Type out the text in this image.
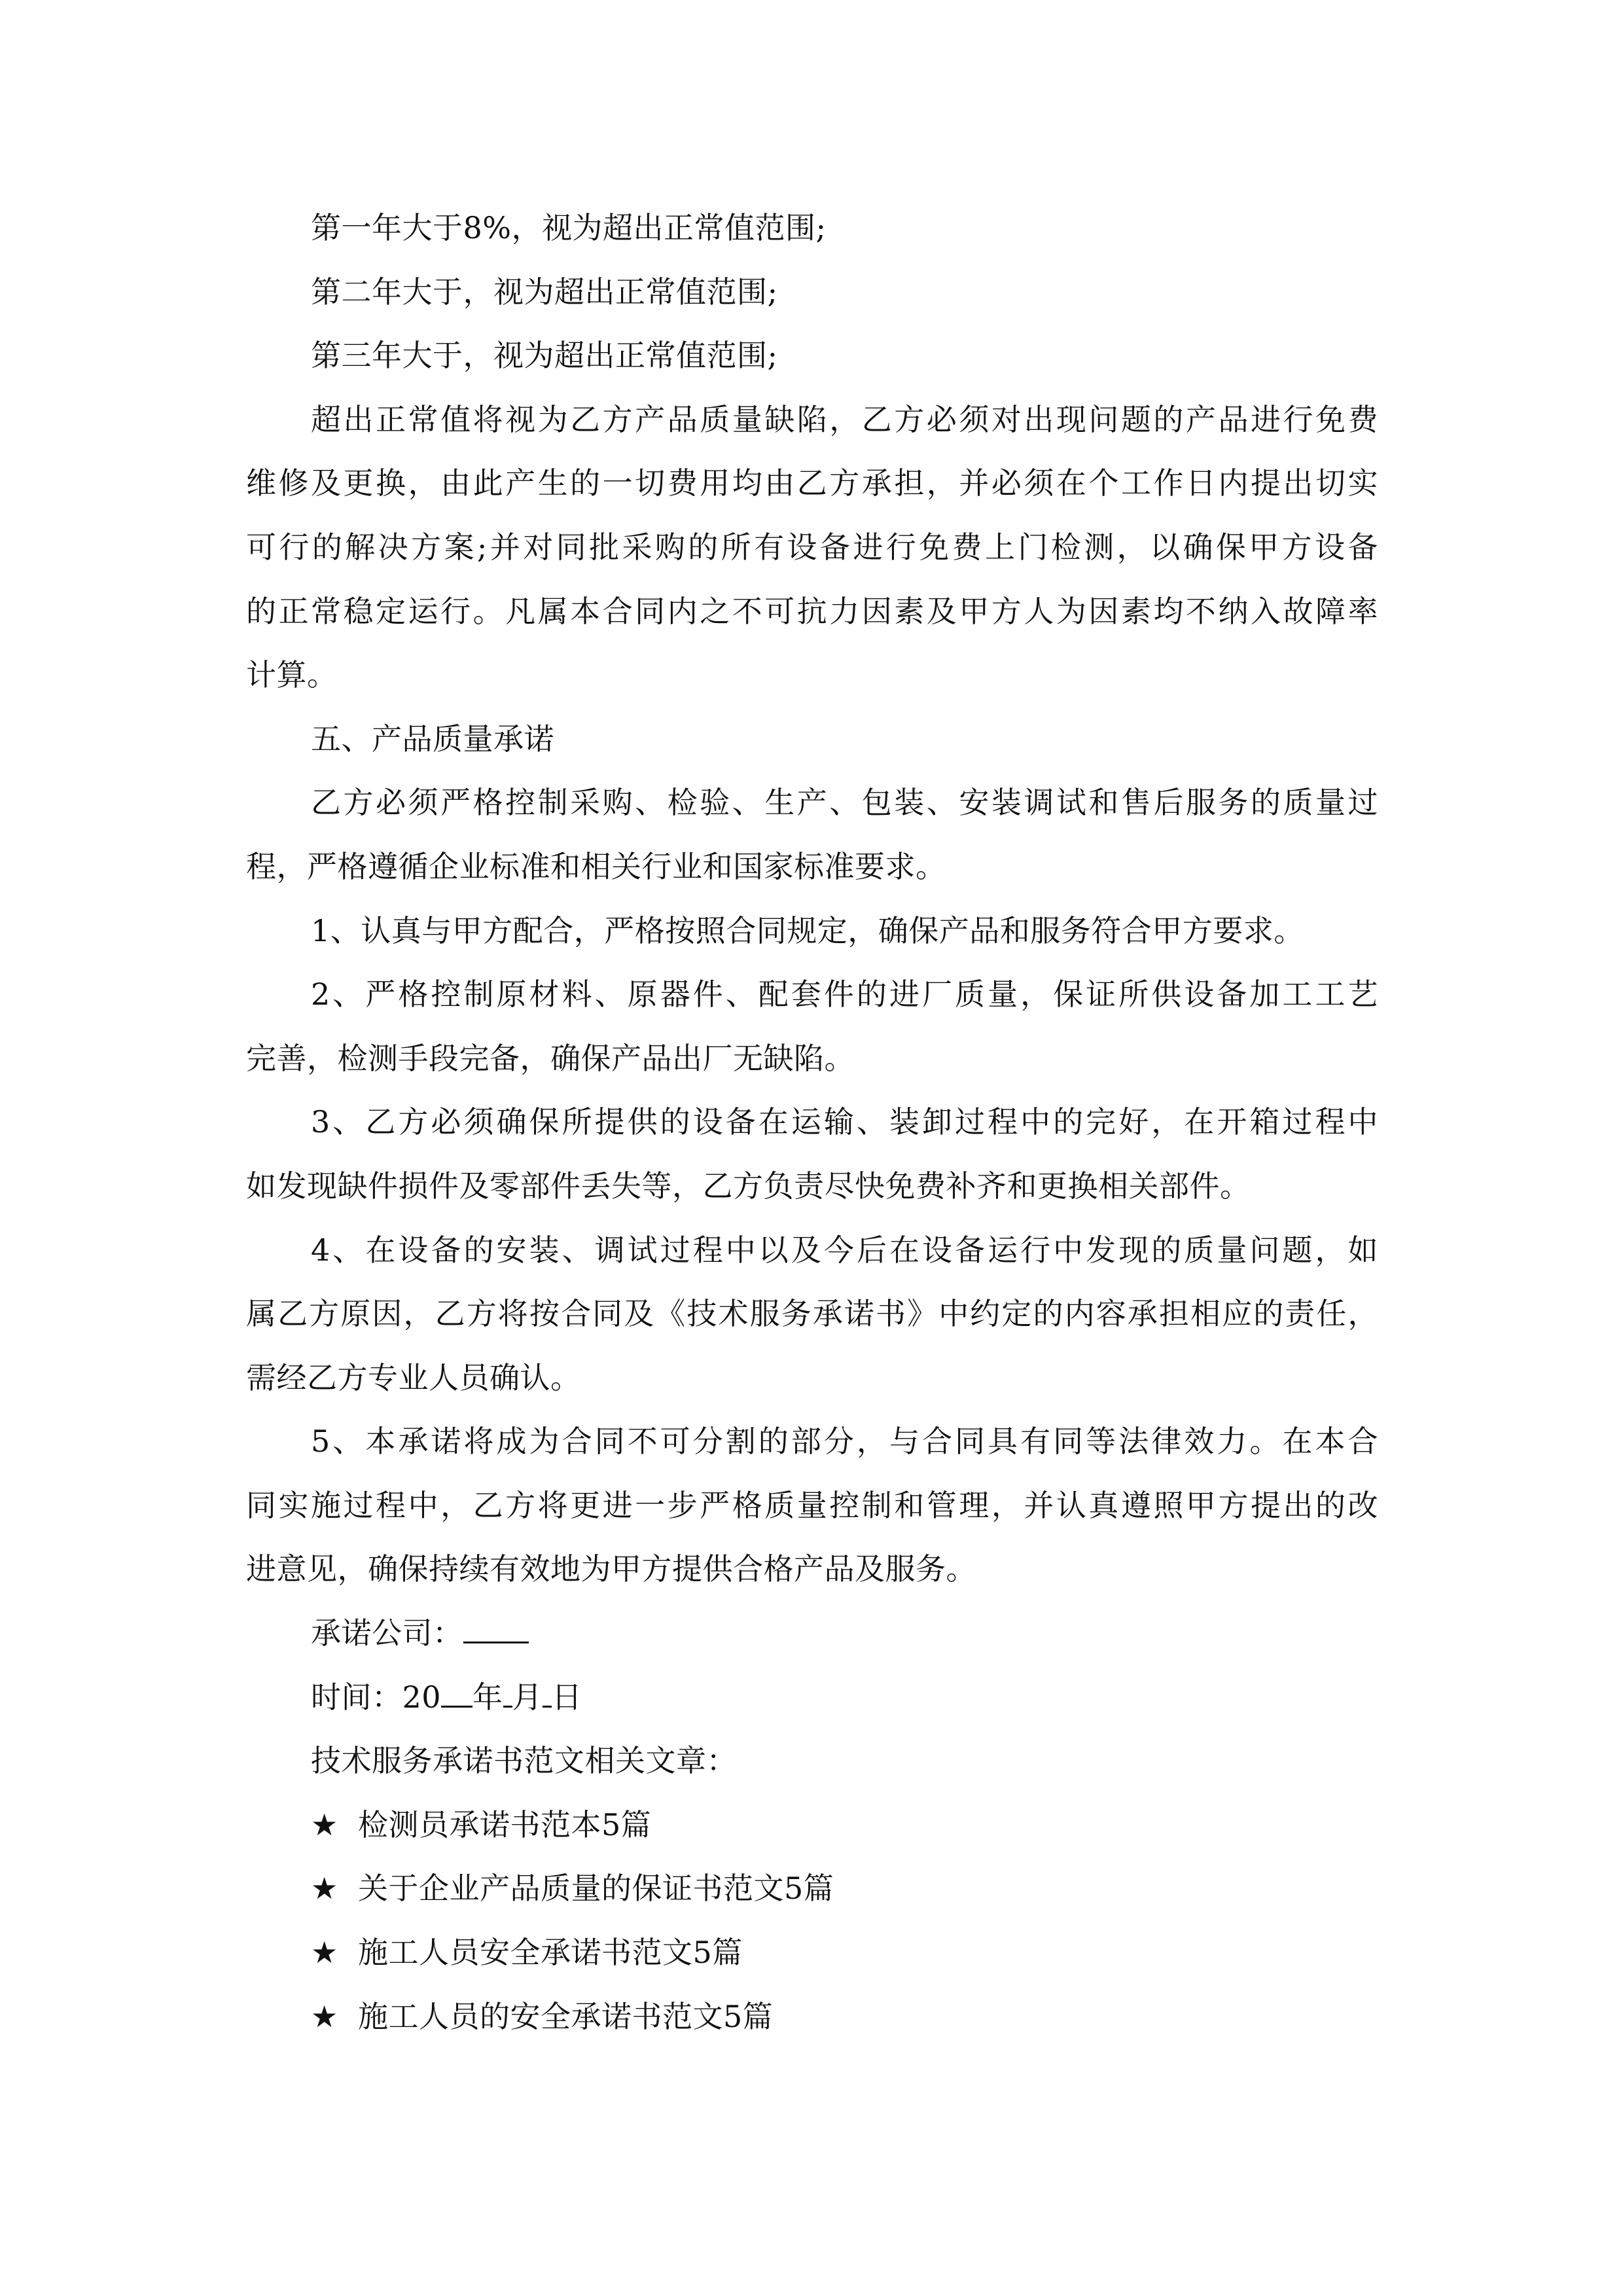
第一年大于8%，视为超出正常值范围;
第二年大于，视为超出正常值范围;
第三年大于，视为超出正常值范围;
超出正常值将视为乙方产品质量缺陷，乙方必须对出现问题的产品进行免费
维修及更换，由此产生的一切费用均由乙方承担，并必须在个工作日内提出切实
可行的解决方案;并对同批采购的所有设备进行免费上门检测，以确保甲方设备
的正常稳定运行。凡属本合同内之不可抗力因素及甲方人为因素均不纳入故障率
计算。
五、产品质量承诺
乙方必须严格控制采购、检验、生产、包装、安装调试和售后服务的质量过
程，严格遵循企业标准和相关行业和国家标准要求。
1、认真与甲方配合，严格按照合同规定，确保产品和服务符合甲方要求。
2、严格控制原材料、原器件、配套件的进厂质量，保证所供设备加工工艺
完善，检测手段完备，确保产品出厂无缺陷。
3、乙方必须确保所提供的设备在运输、装卸过程中的完好，在开箱过程中
如发现缺件损件及零部件丢失等，乙方负责尽快免费补齐和更换相关部件。
4、在设备的安装、调试过程中以及今后在设备运行中发现的质量问题，如
属乙方原因，乙方将按合同及《技术服务承诺书》中约定的内容承担相应的责任，
需经乙方专业人员确认。
5、本承诺将成为合同不可分割的部分，与合同具有同等法律效力。在本合
同实施过程中，乙方将更进一步严格质量控制和管理，并认真遵照甲方提出的改
进意见，确保持续有效地为甲方提供合格产品及服务。
承诺公司：
时间：20 年 月 日
技术服务承诺书范文相关文章：
★ 检测员承诺书范本5篇
★ 关于企业产品质量的保证书范文5篇
★ 施工人员安全承诺书范文5篇
★ 施工人员的安全承诺书范文5篇
